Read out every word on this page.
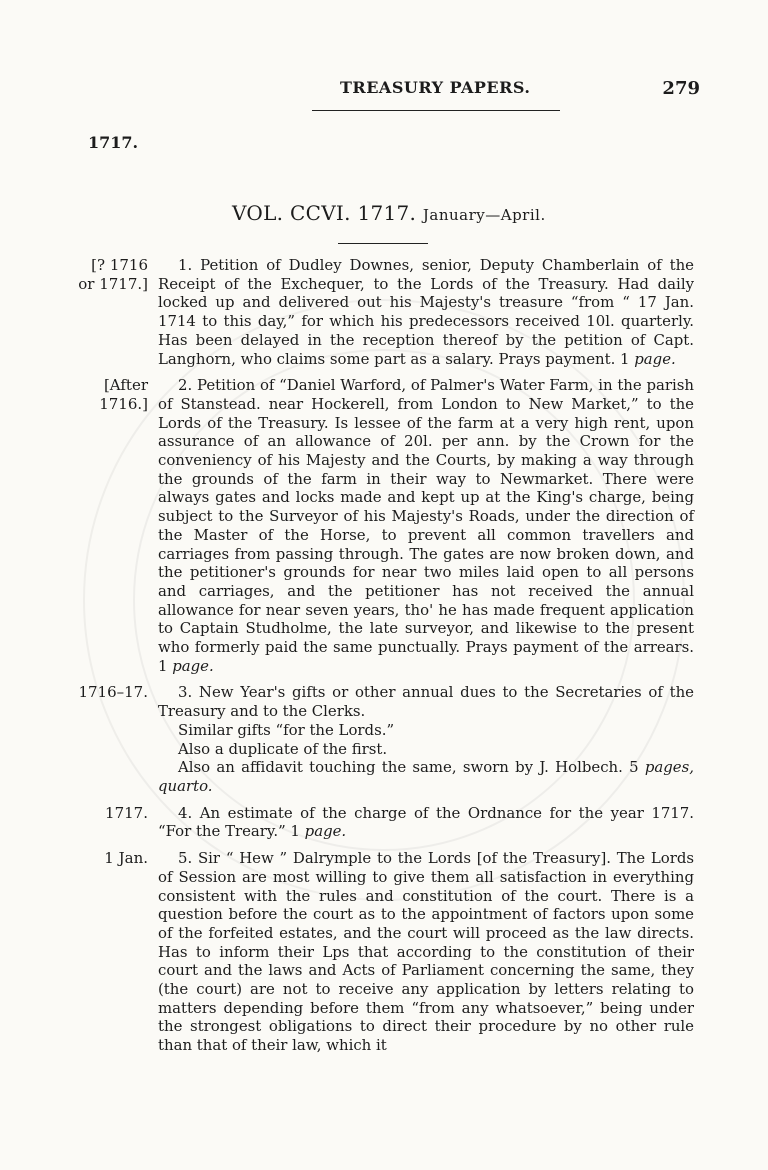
TREASURY PAPERS.	279
1717.
VOL. CCVI. 1717. January—April.
[? 1716
or 1717.]

1. Petition of Dudley Downes, senior, Deputy Chamberlain of the Receipt of the Exchequer, to the Lords of the Treasury. Had daily locked up and delivered out his Majesty's treasure “from “ 17 Jan. 1714 to this day,” for which his predecessors received 10l. quarterly. Has been delayed in the reception thereof by the petition of Capt. Langhorn, who claims some part as a salary. Prays payment. 1 page.

[After
1716.]

2. Petition of “Daniel Warford, of Palmer's Water Farm, in the parish of Stanstead. near Hockerell, from London to New Market,” to the Lords of the Treasury. Is lessee of the farm at a very high rent, upon assurance of an allowance of 20l. per ann. by the Crown for the conveniency of his Majesty and the Courts, by making a way through the grounds of the farm in their way to Newmarket. There were always gates and locks made and kept up at the King's charge, being subject to the Surveyor of his Majesty's Roads, under the direction of the Master of the Horse, to prevent all common travellers and carriages from passing through. The gates are now broken down, and the petitioner's grounds for near two miles laid open to all persons and carriages, and the petitioner has not received the annual allowance for near seven years, tho' he has made frequent application to Captain Studholme, the late surveyor, and likewise to the present who formerly paid the same punctually. Prays payment of the arrears. 1 page.

1716–17.	3. New Year's gifts or other annual dues to the Secretaries of the Treasury and to the Clerks.

Similar gifts “for the Lords.”

Also a duplicate of the first.

Also an affidavit touching the same, sworn by J. Holbech. 5 pages, quarto.

1717.	4. An estimate of the charge of the Ordnance for the year 1717. “For the Treary.” 1 page.

1 Jan.	5. Sir “ Hew ” Dalrymple to the Lords [of the Treasury]. The Lords of Session are most willing to give them all satisfaction in everything consistent with the rules and constitution of the court. There is a question before the court as to the appointment of factors upon some of the forfeited estates, and the court will proceed as the law directs. Has to inform their Lps that according to the constitution of their court and the laws and Acts of Parliament concerning the same, they (the court) are not to receive any application by letters relating to matters depending before them “from any whatsoever,” being under the strongest obligations to direct their procedure by no other rule than that of their law, which it
